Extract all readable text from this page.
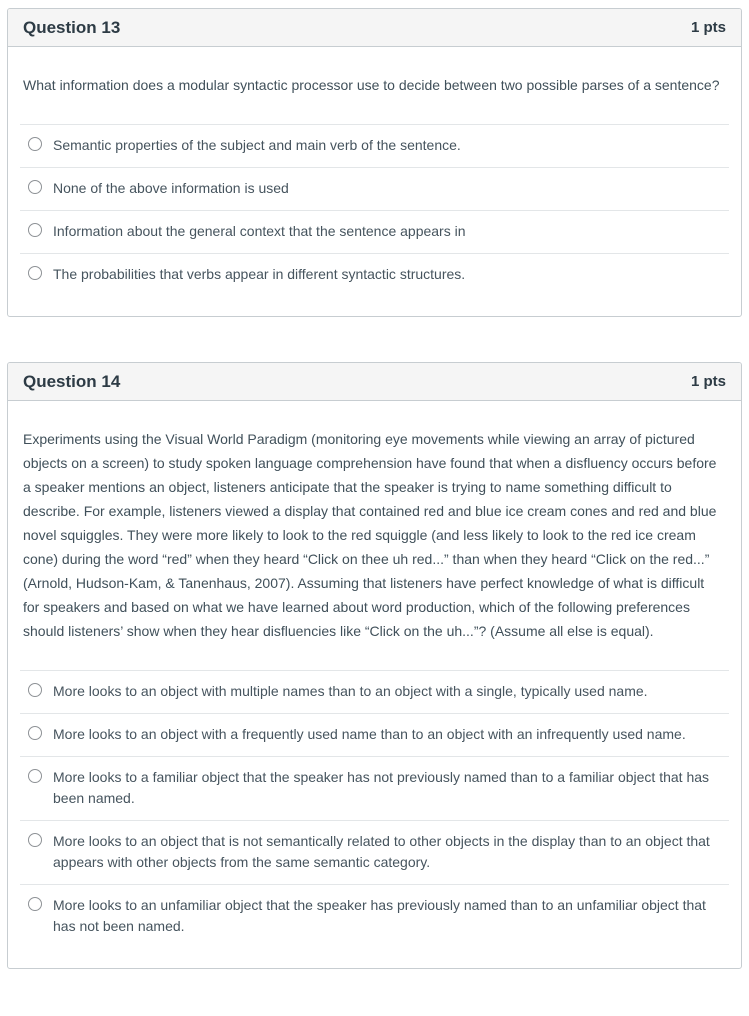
Question 13	1 pts

What information does a modular syntactic processor use to decide between two possible parses of a sentence?

Semantic properties of the subject and main verb of the sentence.
None of the above information is used
Information about the general context that the sentence appears in
The probabilities that verbs appear in different syntactic structures.
Question 14	1 pts

Experiments using the Visual World Paradigm (monitoring eye movements while viewing an array of pictured objects on a screen) to study spoken language comprehension have found that when a disfluency occurs before a speaker mentions an object, listeners anticipate that the speaker is trying to name something difficult to describe. For example, listeners viewed a display that contained red and blue ice cream cones and red and blue novel squiggles. They were more likely to look to the red squiggle (and less likely to look to the red ice cream cone) during the word “red” when they heard “Click on thee uh red...” than when they heard “Click on the red...” (Arnold, Hudson-Kam, & Tanenhaus, 2007). Assuming that listeners have perfect knowledge of what is difficult for speakers and based on what we have learned about word production, which of the following preferences should listeners’ show when they hear disfluencies like “Click on the uh...”? (Assume all else is equal).

More looks to an object with multiple names than to an object with a single, typically used name.
More looks to an object with a frequently used name than to an object with an infrequently used name.
More looks to a familiar object that the speaker has not previously named than to a familiar object that has been named.
More looks to an object that is not semantically related to other objects in the display than to an object that appears with other objects from the same semantic category.
More looks to an unfamiliar object that the speaker has previously named than to an unfamiliar object that has not been named.
